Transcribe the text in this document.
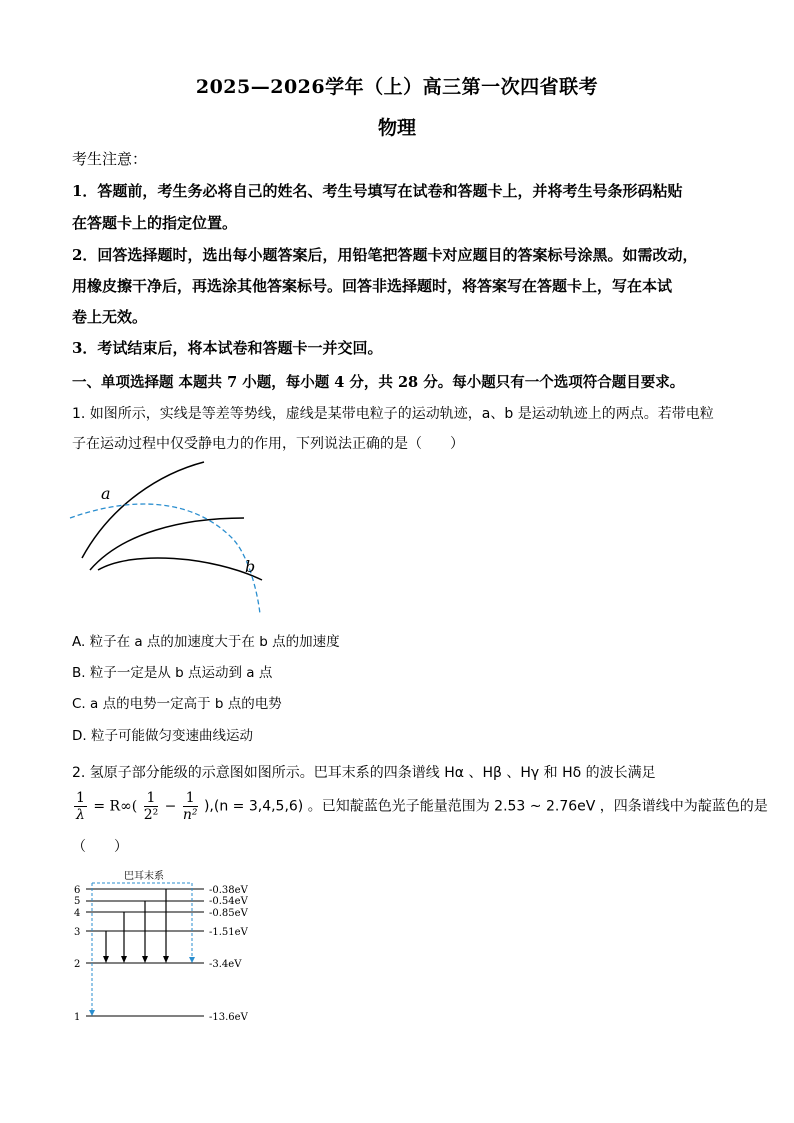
2025—2026学年（上）高三第一次四省联考
物理
考生注意：
1．答题前，考生务必将自己的姓名、考生号填写在试卷和答题卡上，并将考生号条形码粘贴
在答题卡上的指定位置。
2．回答选择题时，选出每小题答案后，用铅笔把答题卡对应题目的答案标号涂黑。如需改动，
用橡皮擦干净后，再选涂其他答案标号。回答非选择题时，将答案写在答题卡上，写在本试
卷上无效。
3．考试结束后，将本试卷和答题卡一并交回。
一、单项选择题 本题共 7 小题，每小题 4 分，共 28 分。每小题只有一个选项符合题目要求。
1. 如图所示，实线是等差等势线，虚线是某带电粒子的运动轨迹，a、b 是运动轨迹上的两点。若带电粒
子在运动过程中仅受静电力的作用，下列说法正确的是（　　）
a
b
A. 粒子在 a 点的加速度大于在 b 点的加速度
B. 粒子一定是从 b 点运动到 a 点
C. a 点的电势一定高于 b 点的电势
D. 粒子可能做匀变速曲线运动
2. 氢原子部分能级的示意图如图所示。巴耳末系的四条谱线 Hα 、Hβ 、Hγ 和 Hδ 的波长满足
$\frac{1}{\lambda} = R\infty( \frac{1}{\text{2²}} - \frac{1}{\text{n²}} ),(n = 3,4,5,6)$ 。已知靛蓝色光子能量范围为 2.53 ~ 2.76eV ，四条谱线中为靛蓝色的是
（　　）
巴耳末系
6
5
4
3
2
1
-0.38eV
-0.54eV
-0.85eV
-1.51eV
-3.4eV
-13.6eV
